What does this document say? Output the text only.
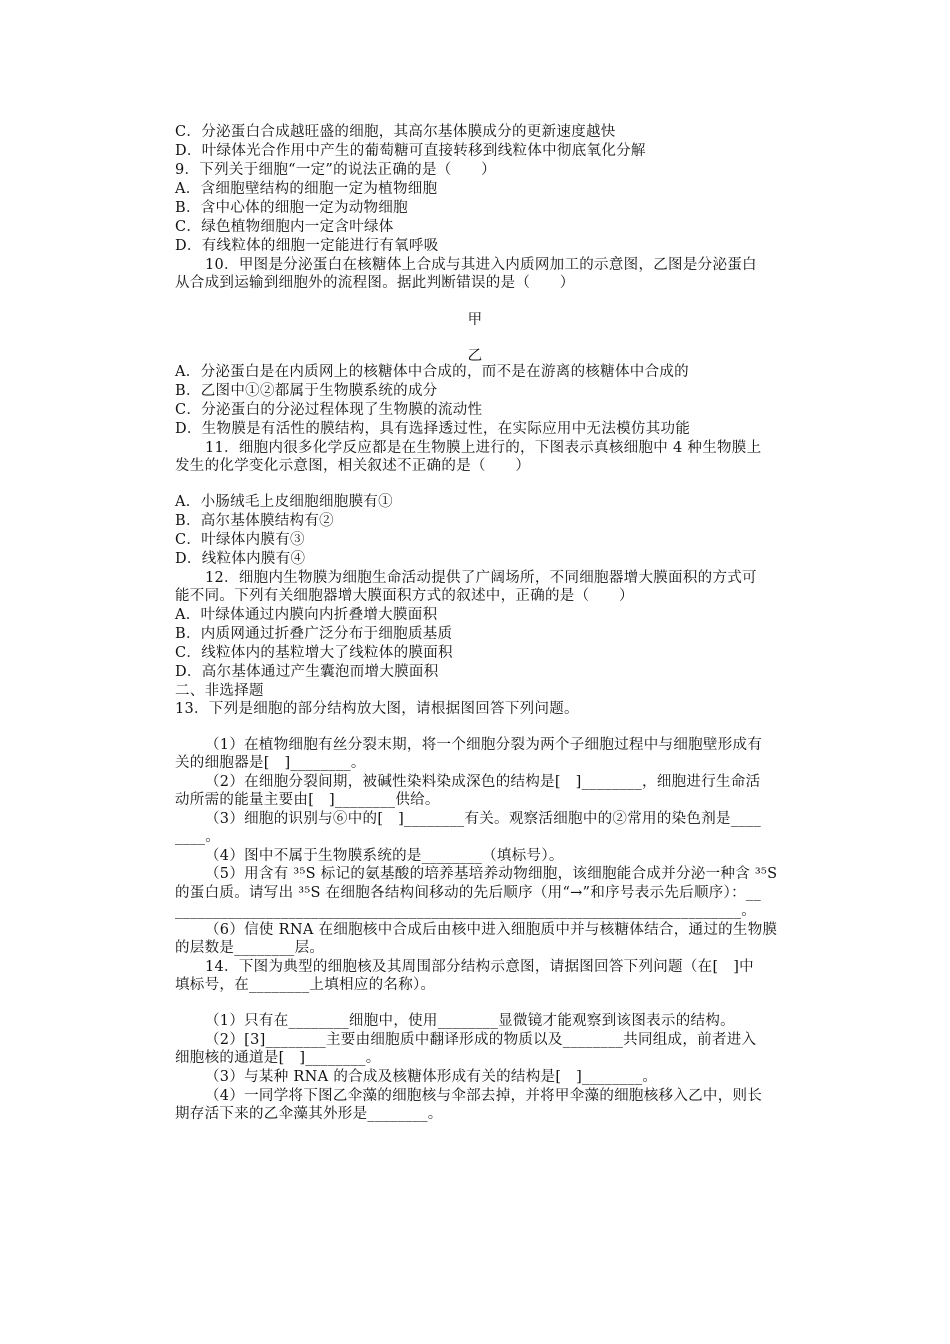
C．分泌蛋白合成越旺盛的细胞，其高尔基体膜成分的更新速度越快
D．叶绿体光合作用中产生的葡萄糖可直接转移到线粒体中彻底氧化分解
9．下列关于细胞“一定”的说法正确的是（　　）
A．含细胞壁结构的细胞一定为植物细胞
B．含中心体的细胞一定为动物细胞
C．绿色植物细胞内一定含叶绿体
D．有线粒体的细胞一定能进行有氧呼吸
10．甲图是分泌蛋白在核糖体上合成与其进入内质网加工的示意图，乙图是分泌蛋白
从合成到运输到细胞外的流程图。据此判断错误的是（　　）
甲
乙
A．分泌蛋白是在内质网上的核糖体中合成的，而不是在游离的核糖体中合成的
B．乙图中①②都属于生物膜系统的成分
C．分泌蛋白的分泌过程体现了生物膜的流动性
D．生物膜是有活性的膜结构，具有选择透过性，在实际应用中无法模仿其功能
11．细胞内很多化学反应都是在生物膜上进行的，下图表示真核细胞中 4 种生物膜上
发生的化学变化示意图，相关叙述不正确的是（　　）
A．小肠绒毛上皮细胞细胞膜有①
B．高尔基体膜结构有②
C．叶绿体内膜有③
D．线粒体内膜有④
12．细胞内生物膜为细胞生命活动提供了广阔场所，不同细胞器增大膜面积的方式可
能不同。下列有关细胞器增大膜面积方式的叙述中，正确的是（　　）
A．叶绿体通过内膜向内折叠增大膜面积
B．内质网通过折叠广泛分布于细胞质基质
C．线粒体内的基粒增大了线粒体的膜面积
D．高尔基体通过产生囊泡而增大膜面积
二、非选择题
13．下列是细胞的部分结构放大图，请根据图回答下列问题。
（1）在植物细胞有丝分裂末期，将一个细胞分裂为两个子细胞过程中与细胞壁形成有
关的细胞器是[　]________。
（2）在细胞分裂间期，被碱性染料染成深色的结构是[　]________，细胞进行生命活
动所需的能量主要由[　]________供给。
（3）细胞的识别与⑥中的[　]________有关。观察活细胞中的②常用的染色剂是____
____。
（4）图中不属于生物膜系统的是________（填标号）。
（5）用含有 ³⁵S 标记的氨基酸的培养基培养动物细胞，该细胞能合成并分泌一种含 ³⁵S
的蛋白质。请写出 ³⁵S 在细胞各结构间移动的先后顺序（用“→”和序号表示先后顺序）：__
___________________________________________________________________________。
（6）信使 RNA 在细胞核中合成后由核中进入细胞质中并与核糖体结合，通过的生物膜
的层数是________层。
14．下图为典型的细胞核及其周围部分结构示意图，请据图回答下列问题（在[　]中
填标号，在________上填相应的名称）。
（1）只有在________细胞中，使用________显微镜才能观察到该图表示的结构。
（2）[3]________主要由细胞质中翻译形成的物质以及________共同组成，前者进入
细胞核的通道是[　]________。
（3）与某种 RNA 的合成及核糖体形成有关的结构是[　]________。
（4）一同学将下图乙伞藻的细胞核与伞部去掉，并将甲伞藻的细胞核移入乙中，则长
期存活下来的乙伞藻其外形是________。
